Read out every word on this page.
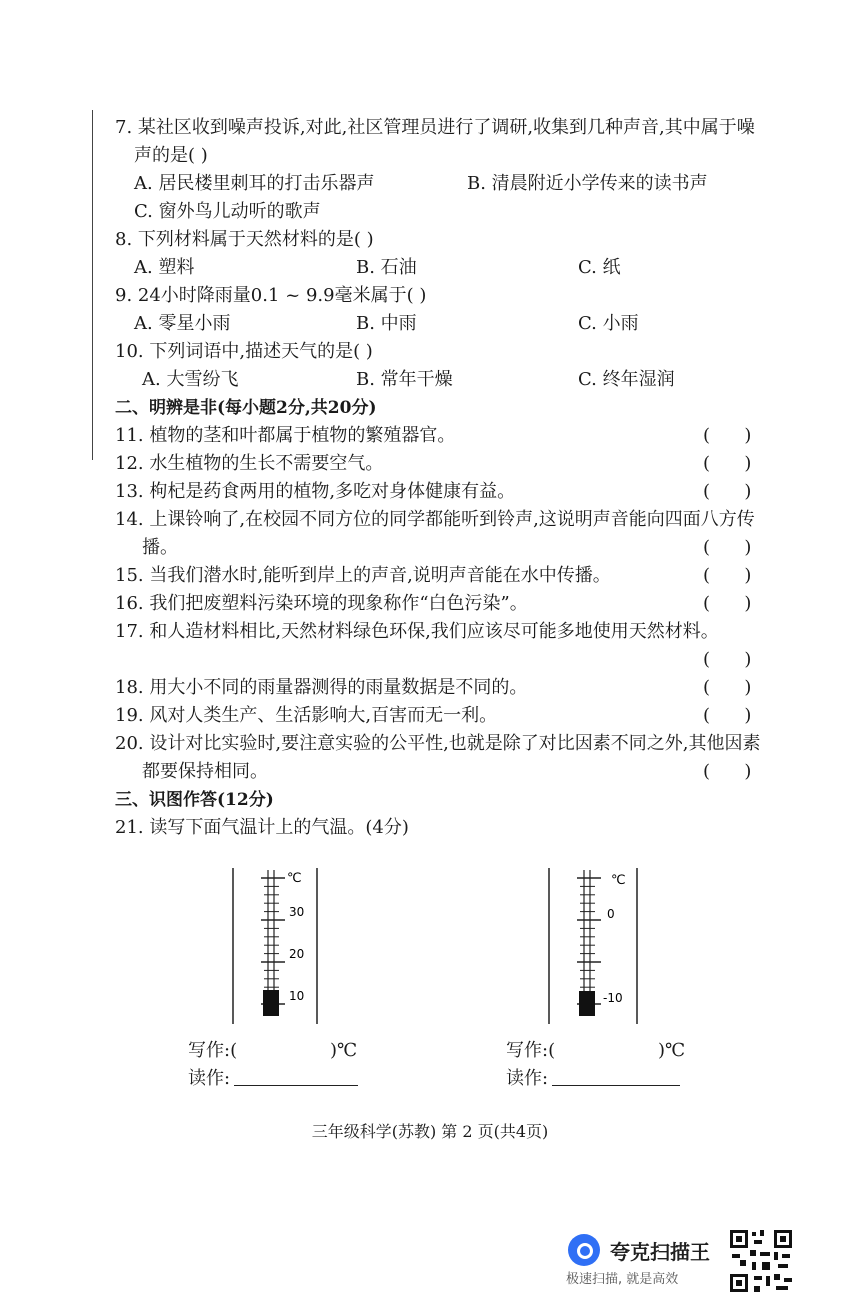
7. 某社区收到噪声投诉,对此,社区管理员进行了调研,收集到几种声音,其中属于噪
声的是( )
A. 居民楼里刺耳的打击乐器声	B. 清晨附近小学传来的读书声
C. 窗外鸟儿动听的歌声
8. 下列材料属于天然材料的是( )
A. 塑料	B. 石油	C. 纸
9. 24小时降雨量0.1 ~ 9.9毫米属于( )
A. 零星小雨	B. 中雨	C. 小雨
10. 下列词语中,描述天气的是( )
A. 大雪纷飞	B. 常年干燥	C. 终年湿润
二、明辨是非(每小题2分,共20分)
11. 植物的茎和叶都属于植物的繁殖器官。	(      )
12. 水生植物的生长不需要空气。	(      )
13. 枸杞是药食两用的植物,多吃对身体健康有益。	(      )
14. 上课铃响了,在校园不同方位的同学都能听到铃声,这说明声音能向四面八方传
播。	(      )
15. 当我们潜水时,能听到岸上的声音,说明声音能在水中传播。	(      )
16. 我们把废塑料污染环境的现象称作“白色污染”。	(      )
17. 和人造材料相比,天然材料绿色环保,我们应该尽可能多地使用天然材料。
(      )
18. 用大小不同的雨量器测得的雨量数据是不同的。	(      )
19. 风对人类生产、生活影响大,百害而无一利。	(      )
20. 设计对比实验时,要注意实验的公平性,也就是除了对比因素不同之外,其他因素
都要保持相同。	(      )
三、识图作答(12分)
21. 读写下面气温计上的气温。(4分)
℃
30
20
10
℃
0
-10
写作:(	)℃
读作:
写作:(	)℃
读作:
三年级科学(苏教) 第 2 页(共4页)
夸克扫描王
极速扫描, 就是高效
